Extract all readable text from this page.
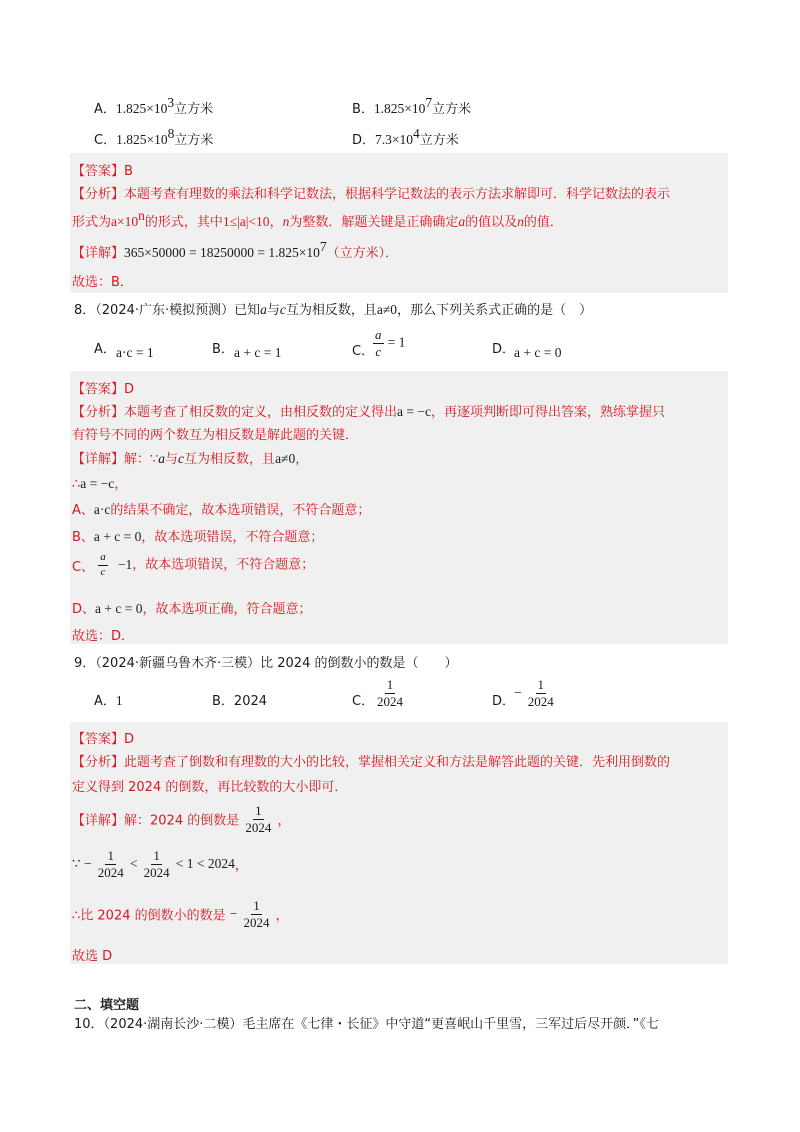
A．$1.825\times 10^3$立方米	B．$1.825\times 10^7$立方米
C．$1.825\times 10^8$立方米	D．$7.3\times 10^4$立方米
【答案】B
【分析】本题考查有理数的乘法和科学记数法，根据科学记数法的表示方法求解即可．科学记数法的表示
形式为$a\times 10^n$的形式，其中1≤|a|<10，n为整数．解题关键是正确确定a的值以及n的值．
【详解】$365\times 50000 = 18250000 = 1.825\times 10^7$（立方米）．
故选：B．
8．（2024·广东·模拟预测）已知a与c互为相反数，且a≠0，那么下列关系式正确的是（　）
A． a·c = 1	B． a + c = 1	C．
$\frac{a}{c} = 1$	D．
a + c = 0
【答案】D
【分析】本题考查了相反数的定义，由相反数的定义得出a = −c，再逐项判断即可得出答案，熟练掌握只
有符号不同的两个数互为相反数是解此题的关键．
【详解】解：∵a与c互为相反数，且a≠0，
∴a = −c，
A、a·c的结果不确定，故本选项错误，不符合题意；
B、a + c = 0，故本选项错误，不符合题意；
C、 $\frac{a}{c} -1$，故本选项错误，不符合题意；
D、a + c = 0，故本选项正确，符合题意；
故选：D．
9．（2024·新疆乌鲁木齐·三模）比 2024 的倒数小的数是（　　）
A．1	B．2024	C． $\frac{1}{2024}$	D．
− $\frac{1}{2024}$
【答案】D
【分析】此题考查了倒数和有理数的大小的比较，掌握相关定义和方法是解答此题的关键．先利用倒数的
定义得到 2024 的倒数，再比较数的大小即可．
【详解】解：2024 的倒数是 $\frac{1}{2024}$ ，
∵ − $\frac{1}{2024} < \frac{1}{2024} < 1 < 2024$，
∴比 2024 的倒数小的数是 − $\frac{1}{2024}$ ，
故选 D
二、填空题
10．（2024·湖南长沙·二模）毛主席在《七律・长征》中守道“更喜岷山千里雪，三军过后尽开颜．”《七
